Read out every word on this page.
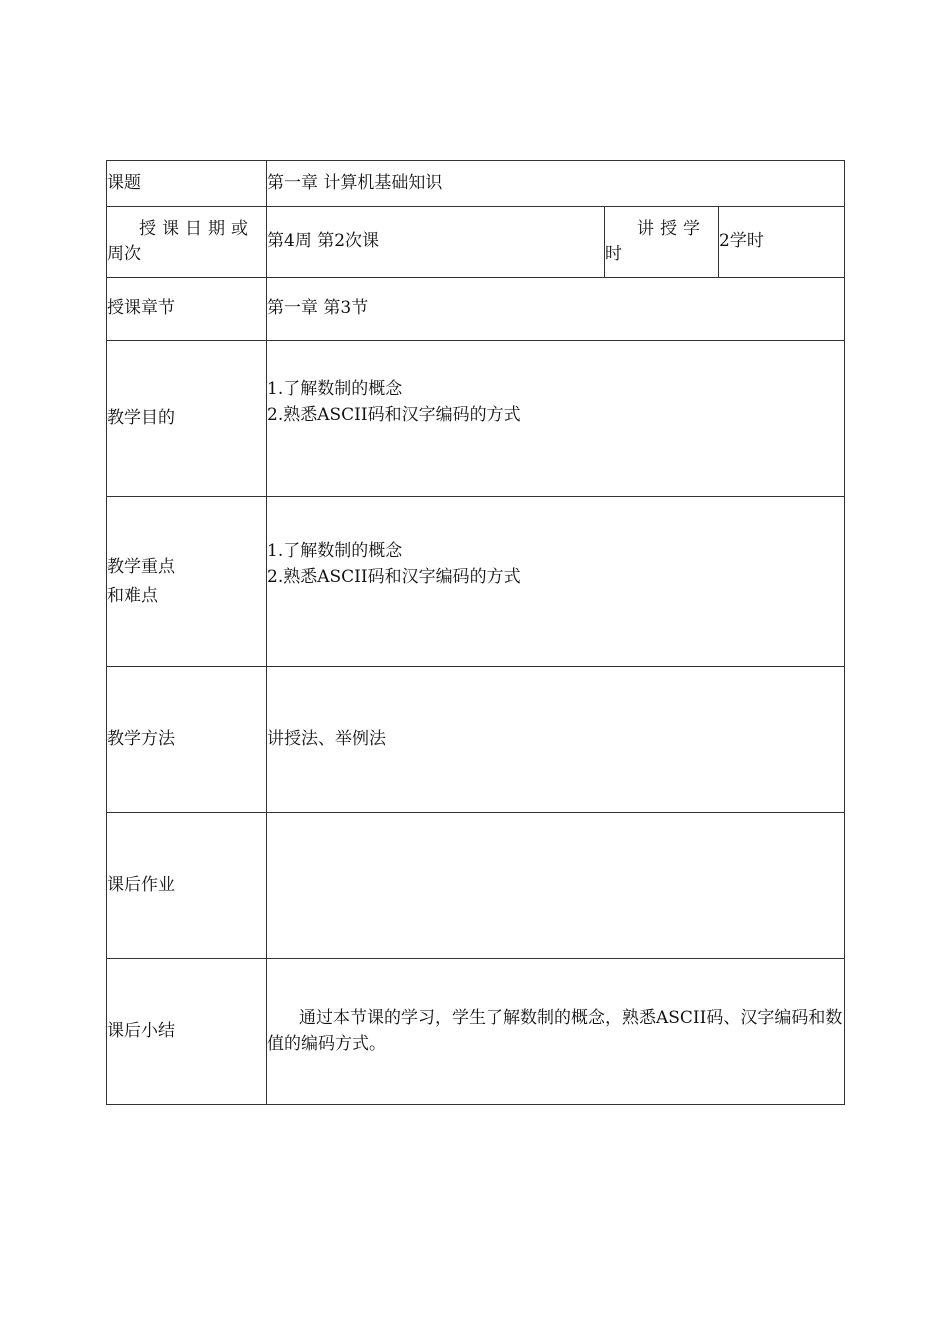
课题	第一章 计算机基础知识		

授课日期或
周次	第4周 第2次课	讲授学
时	2学时
授课章节	第一章 第3节		
教学目的	1.了解数制的概念
2.熟悉ASCII码和汉字编码的方式		

教学重点
和难点	1.了解数制的概念
2.熟悉ASCII码和汉字编码的方式		

教学方法	讲授法、举例法		
课后作业			
课后小结	通过本节课的学习，学生了解数制的概念，熟悉ASCII码、汉字编码和数值的编码方式。		
